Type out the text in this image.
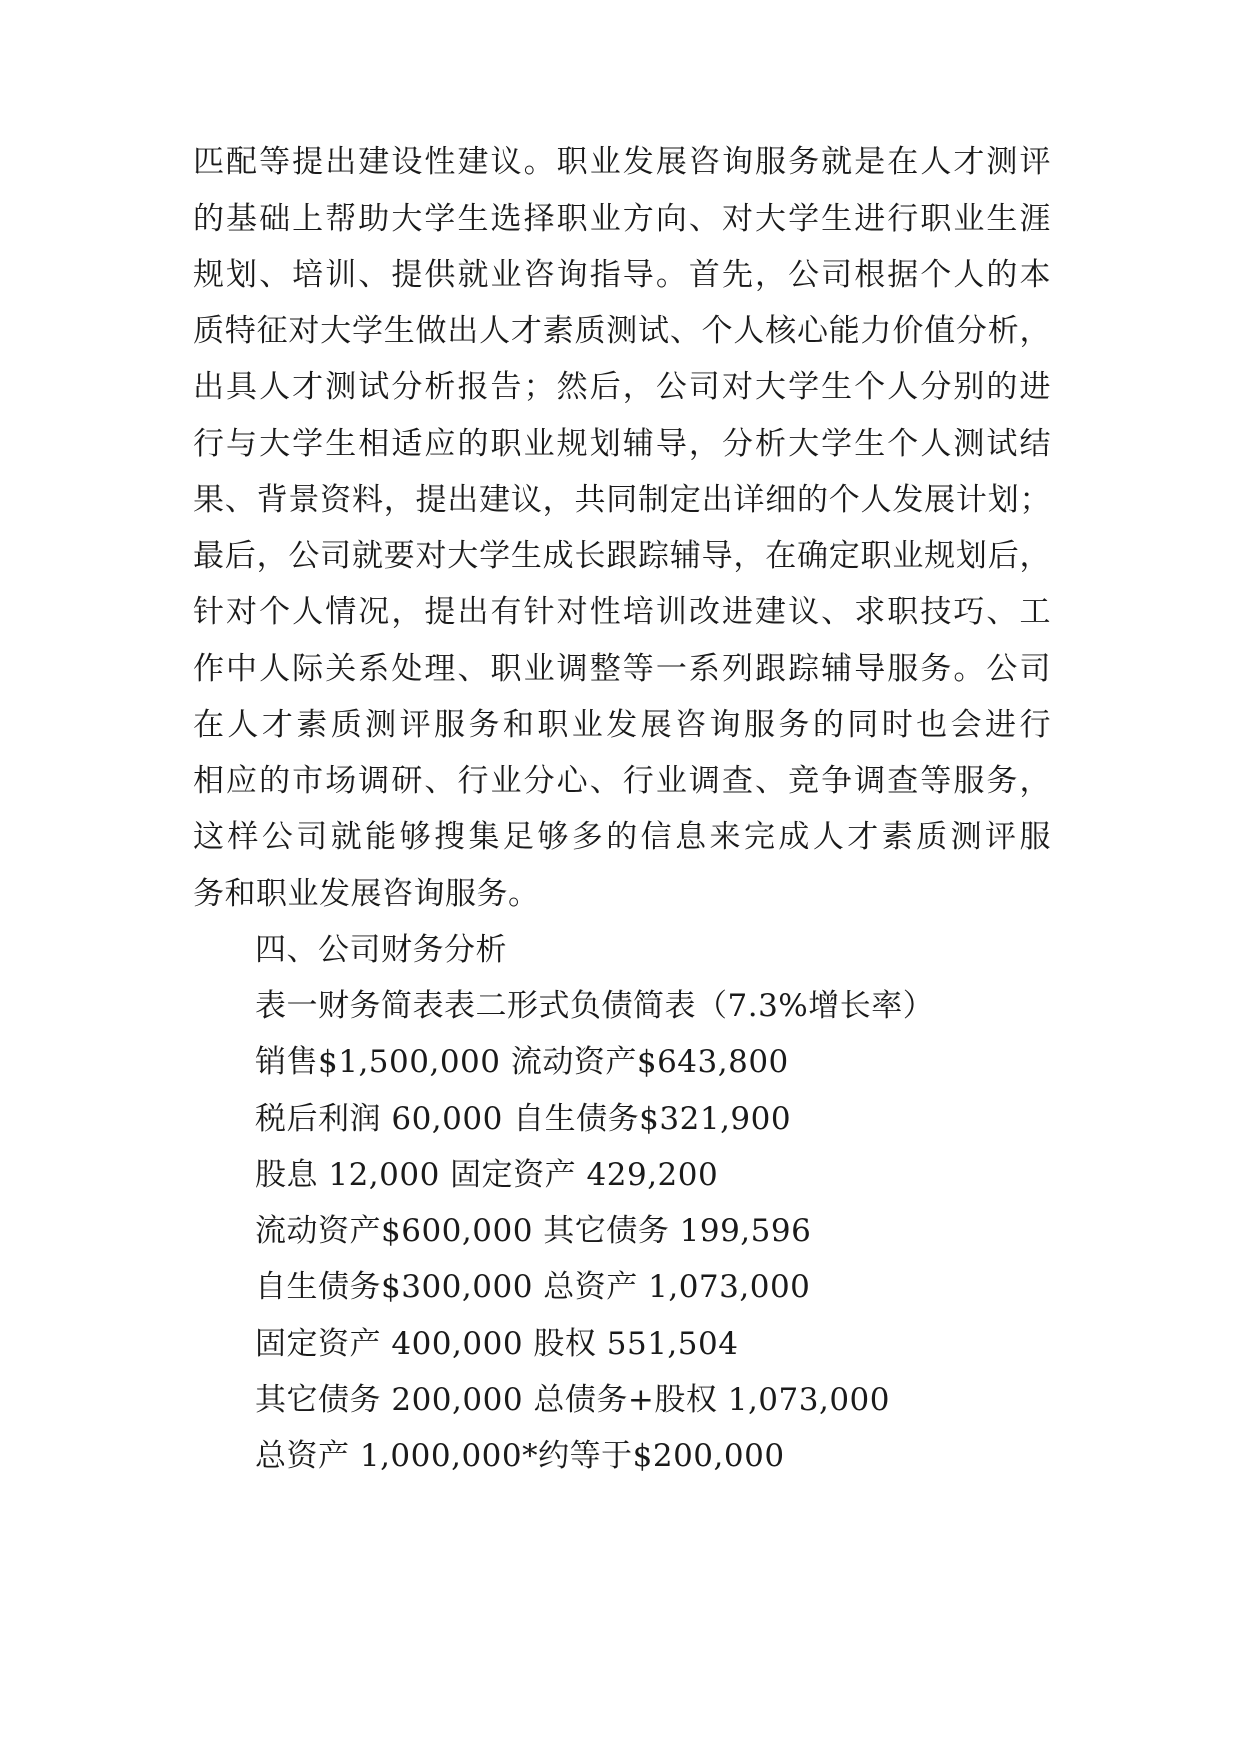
匹配等提出建设性建议。职业发展咨询服务就是在人才测评
的基础上帮助大学生选择职业方向、对大学生进行职业生涯
规划、培训、提供就业咨询指导。首先，公司根据个人的本
质特征对大学生做出人才素质测试、个人核心能力价值分析，
出具人才测试分析报告；然后，公司对大学生个人分别的进
行与大学生相适应的职业规划辅导，分析大学生个人测试结
果、背景资料，提出建议，共同制定出详细的个人发展计划；
最后，公司就要对大学生成长跟踪辅导，在确定职业规划后，
针对个人情况，提出有针对性培训改进建议、求职技巧、工
作中人际关系处理、职业调整等一系列跟踪辅导服务。公司
在人才素质测评服务和职业发展咨询服务的同时也会进行
相应的市场调研、行业分心、行业调查、竞争调查等服务，
这样公司就能够搜集足够多的信息来完成人才素质测评服
务和职业发展咨询服务。
四、公司财务分析
表一财务简表表二形式负债简表（7.3%增长率）
销售$1,500,000 流动资产$643,800
税后利润 60,000 自生债务$321,900
股息 12,000 固定资产 429,200
流动资产$600,000 其它债务 199,596
自生债务$300,000 总资产 1,073,000
固定资产 400,000 股权 551,504
其它债务 200,000 总债务+股权 1,073,000
总资产 1,000,000*约等于$200,000
